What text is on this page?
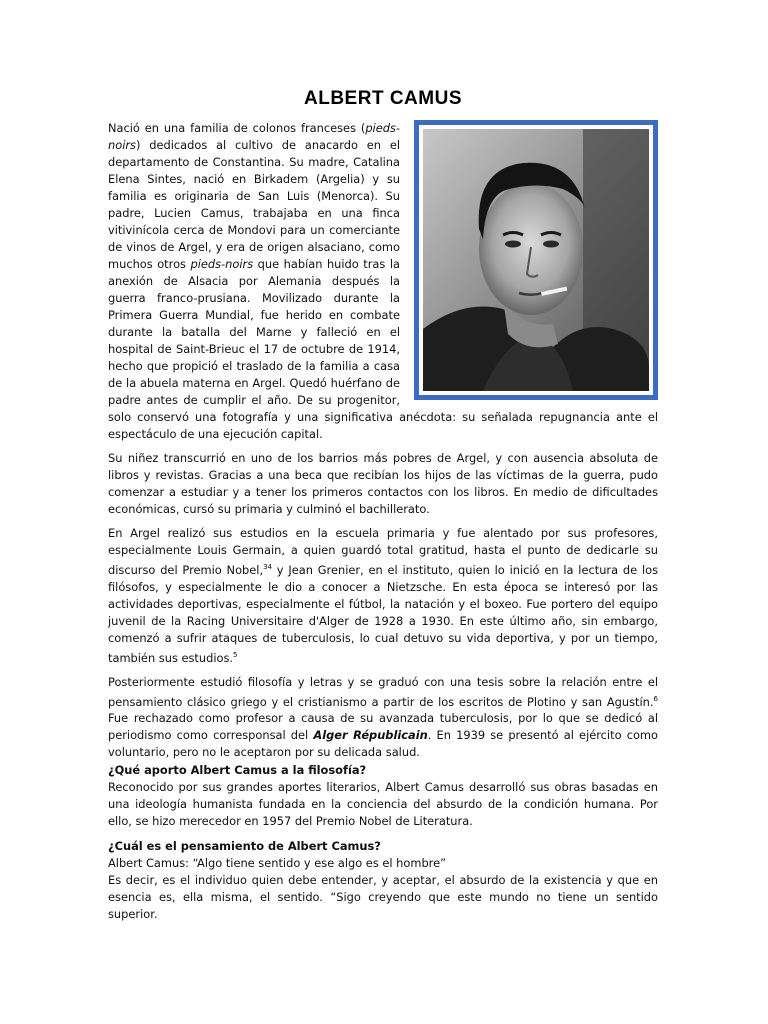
ALBERT CAMUS

Nació en una familia de colonos franceses (pieds-noirs) dedicados al cultivo de anacardo en el departamento de Constantina. Su madre, Catalina Elena Sintes, nació en Birkadem (Argelia) y su familia es originaria de San Luis (Menorca). Su padre, Lucien Camus, trabajaba en una finca vitivinícola cerca de Mondovi para un comerciante de vinos de Argel, y era de origen alsaciano, como muchos otros pieds-noirs que habían huido tras la anexión de Alsacia por Alemania después la guerra franco-prusiana. Movilizado durante la Primera Guerra Mundial, fue herido en combate durante la batalla del Marne y falleció en el hospital de Saint-Brieuc el 17 de octubre de 1914, hecho que propició el traslado de la familia a casa de la abuela materna en Argel. Quedó huérfano de padre antes de cumplir el año. De su progenitor, solo conservó una fotografía y una significativa anécdota: su señalada repugnancia ante el espectáculo de una ejecución capital.

Su niñez transcurrió en uno de los barrios más pobres de Argel, y con ausencia absoluta de libros y revistas. Gracias a una beca que recibían los hijos de las víctimas de la guerra, pudo comenzar a estudiar y a tener los primeros contactos con los libros. En medio de dificultades económicas, cursó su primaria y culminó el bachillerato.

En Argel realizó sus estudios en la escuela primaria y fue alentado por sus profesores, especialmente Louis Germain, a quien guardó total gratitud, hasta el punto de dedicarle su discurso del Premio Nobel,$^{34}$ y Jean Grenier, en el instituto, quien lo inició en la lectura de los filósofos, y especialmente le dio a conocer a Nietzsche. En esta época se interesó por las actividades deportivas, especialmente el fútbol, la natación y el boxeo. Fue portero del equipo juvenil de la Racing Universitaire d'Alger de 1928 a 1930. En este último año, sin embargo, comenzó a sufrir ataques de tuberculosis, lo cual detuvo su vida deportiva, y por un tiempo, también sus estudios.$^5$

Posteriormente estudió filosofía y letras y se graduó con una tesis sobre la relación entre el pensamiento clásico griego y el cristianismo a partir de los escritos de Plotino y san Agustín.$^6$ Fue rechazado como profesor a causa de su avanzada tuberculosis, por lo que se dedicó al periodismo como corresponsal del Alger Républicain. En 1939 se presentó al ejército como voluntario, pero no le aceptaron por su delicada salud.

¿Qué aporto Albert Camus a la filosofía?

Reconocido por sus grandes aportes literarios, Albert Camus desarrolló sus obras basadas en una ideología humanista fundada en la conciencia del absurdo de la condición humana. Por ello, se hizo merecedor en 1957 del Premio Nobel de Literatura.

¿Cuál es el pensamiento de Albert Camus?

Albert Camus: “Algo tiene sentido y ese algo es el hombre”

Es decir, es el individuo quien debe entender, y aceptar, el absurdo de la existencia y que en esencia es, ella misma, el sentido. “Sigo creyendo que este mundo no tiene un sentido superior.
